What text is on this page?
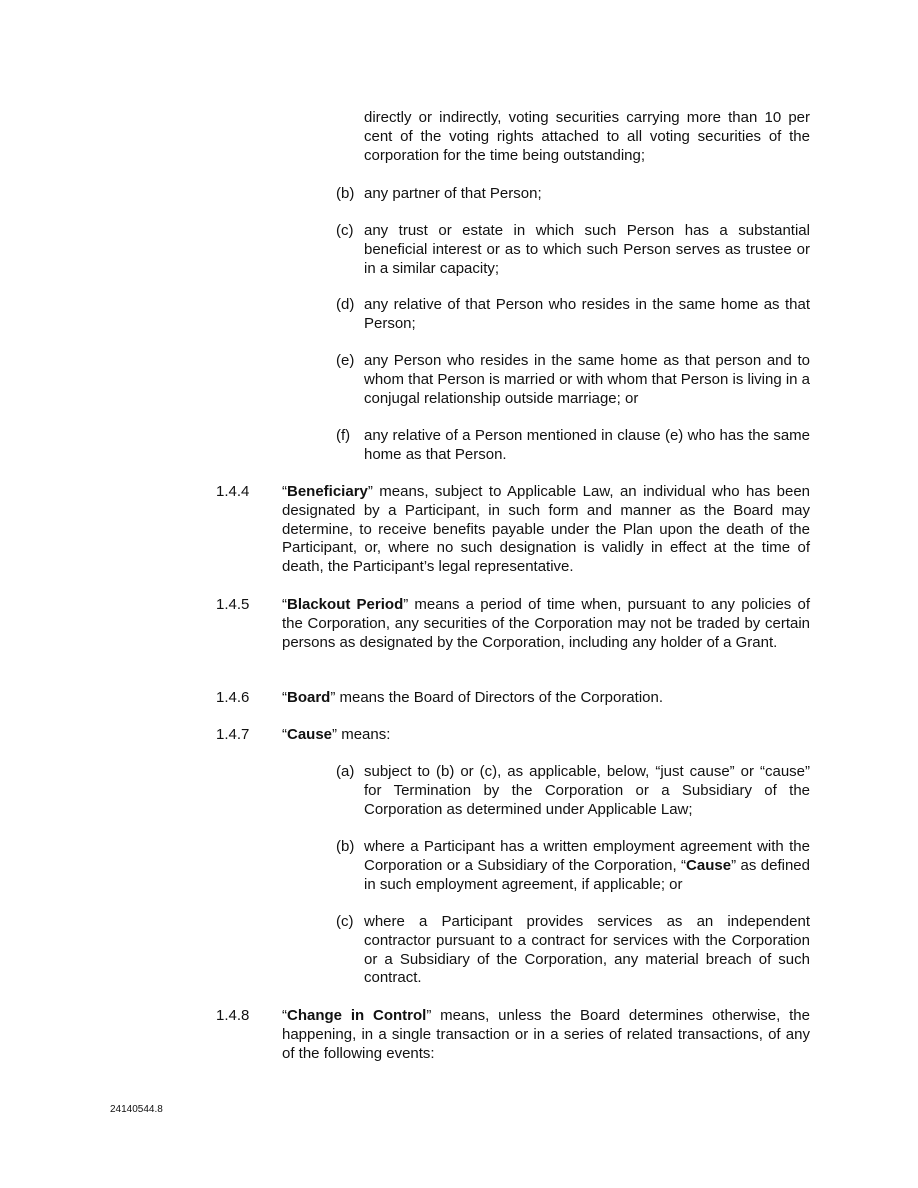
directly or indirectly, voting securities carrying more than 10 per cent of the voting rights attached to all voting securities of the corporation for the time being outstanding;
(b) any partner of that Person;
(c) any trust or estate in which such Person has a substantial beneficial interest or as to which such Person serves as trustee or in a similar capacity;
(d) any relative of that Person who resides in the same home as that Person;
(e) any Person who resides in the same home as that person and to whom that Person is married or with whom that Person is living in a conjugal relationship outside marriage; or
(f) any relative of a Person mentioned in clause (e) who has the same home as that Person.
1.4.4 “Beneficiary” means, subject to Applicable Law, an individual who has been designated by a Participant, in such form and manner as the Board may determine, to receive benefits payable under the Plan upon the death of the Participant, or, where no such designation is validly in effect at the time of death, the Participant’s legal representative.
1.4.5 “Blackout Period” means a period of time when, pursuant to any policies of the Corporation, any securities of the Corporation may not be traded by certain persons as designated by the Corporation, including any holder of a Grant.
1.4.6 “Board” means the Board of Directors of the Corporation.
1.4.7 “Cause” means:
(a) subject to (b) or (c), as applicable, below, “just cause” or “cause” for Termination by the Corporation or a Subsidiary of the Corporation as determined under Applicable Law;
(b) where a Participant has a written employment agreement with the Corporation or a Subsidiary of the Corporation, “Cause” as defined in such employment agreement, if applicable; or
(c) where a Participant provides services as an independent contractor pursuant to a contract for services with the Corporation or a Subsidiary of the Corporation, any material breach of such contract.
1.4.8 “Change in Control” means, unless the Board determines otherwise, the happening, in a single transaction or in a series of related transactions, of any of the following events:
24140544.8
